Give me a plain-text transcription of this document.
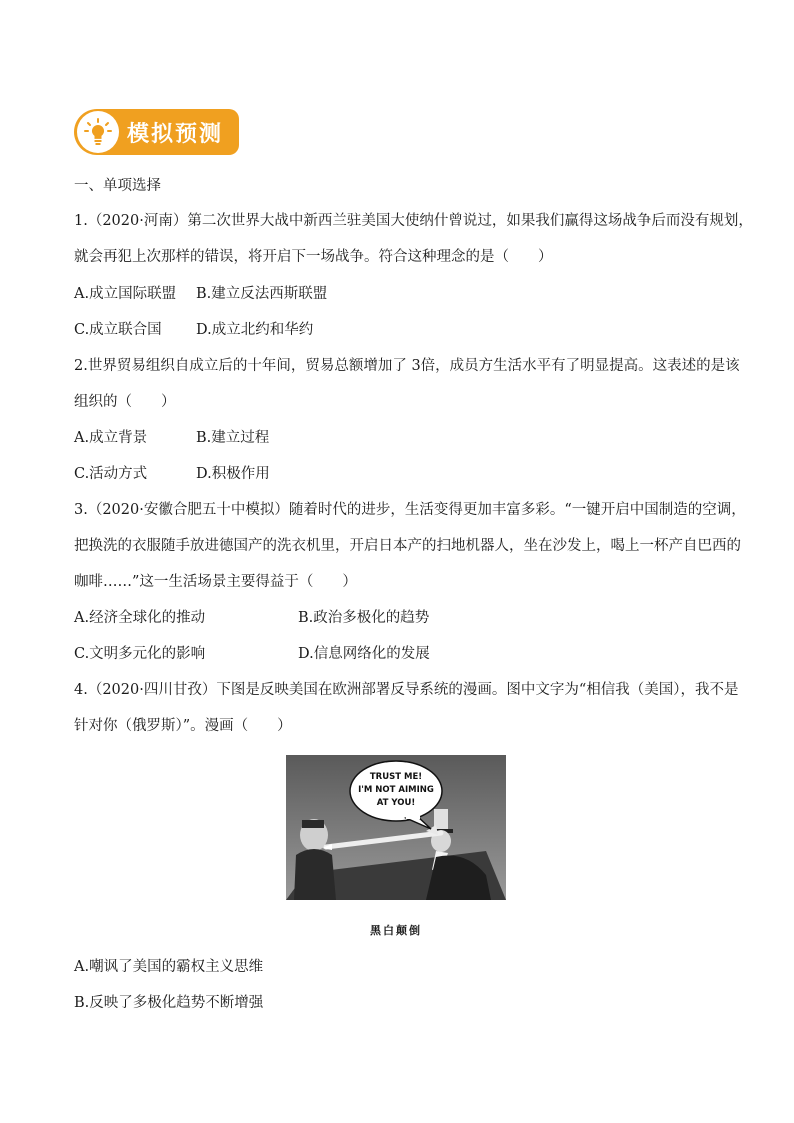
模拟预测
一、单项选择
1.（2020·河南）第二次世界大战中新西兰驻美国大使纳什曾说过，如果我们赢得这场战争后而没有规划，
就会再犯上次那样的错误，将开启下一场战争。符合这种理念的是（　　）
A.成立国际联盟 B.建立反法西斯联盟
C.成立联合国 D.成立北约和华约
2.世界贸易组织自成立后的十年间，贸易总额增加了 3倍，成员方生活水平有了明显提高。这表述的是该
组织的（　　）
A.成立背景	B.建立过程
C.活动方式	D.积极作用
3.（2020·安徽合肥五十中模拟）随着时代的进步，生活变得更加丰富多彩。“一键开启中国制造的空调，
把换洗的衣服随手放进德国产的洗衣机里，开启日本产的扫地机器人，坐在沙发上，喝上一杯产自巴西的
咖啡……”这一生活场景主要得益于（　　）
A.经济全球化的推动	B.政治多极化的趋势
C.文明多元化的影响	D.信息网络化的发展
4.（2020·四川甘孜）下图是反映美国在欧洲部署反导系统的漫画。图中文字为“相信我（美国），我不是
针对你（俄罗斯）”。漫画（　　）
TRUST ME!
I'M NOT AIMING
AT YOU!
黑白颠倒
A.嘲讽了美国的霸权主义思维
B.反映了多极化趋势不断增强
